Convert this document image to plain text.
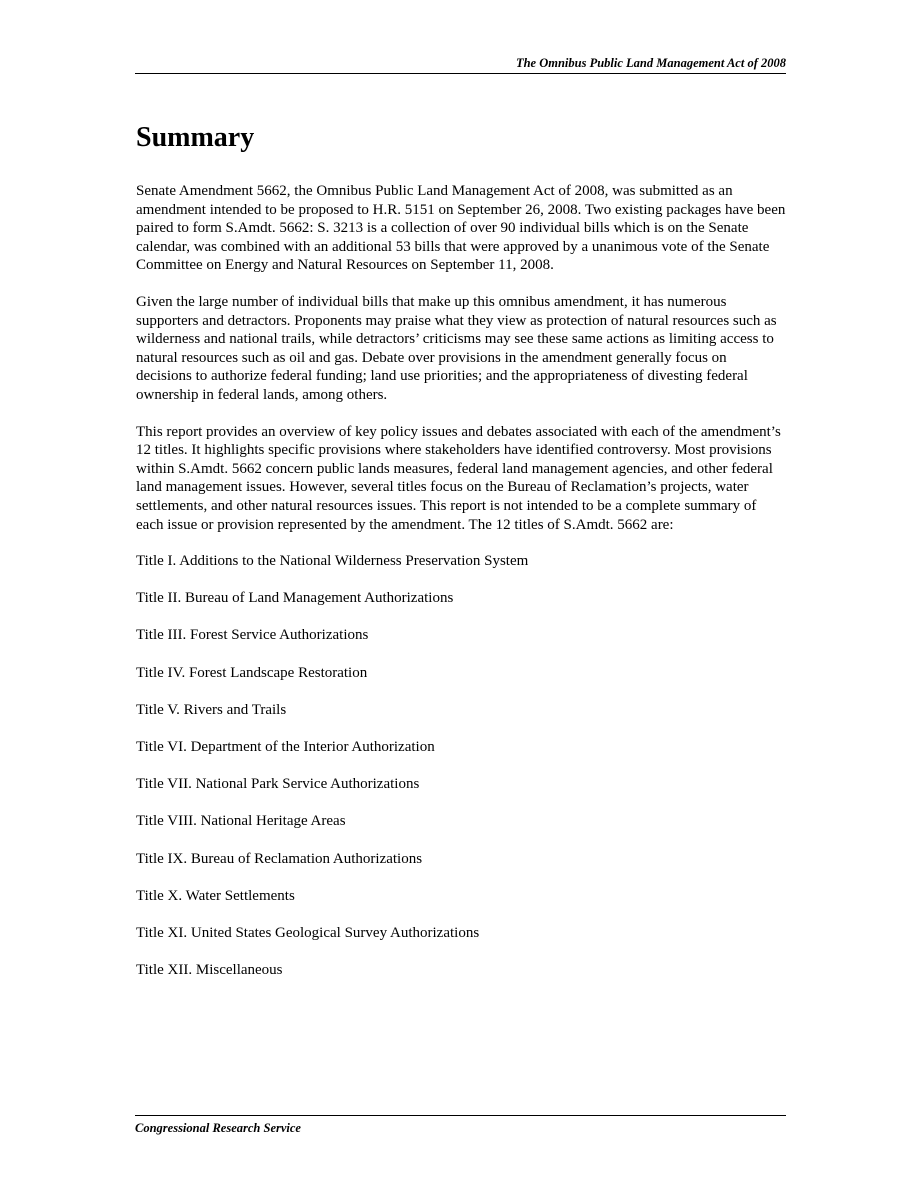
The Omnibus Public Land Management Act of 2008
Summary

Senate Amendment 5662, the Omnibus Public Land Management Act of 2008, was submitted as an amendment intended to be proposed to H.R. 5151 on September 26, 2008. Two existing packages have been paired to form S.Amdt. 5662: S. 3213 is a collection of over 90 individual bills which is on the Senate calendar, was combined with an additional 53 bills that were approved by a unanimous vote of the Senate Committee on Energy and Natural Resources on September 11, 2008.

Given the large number of individual bills that make up this omnibus amendment, it has numerous supporters and detractors. Proponents may praise what they view as protection of natural resources such as wilderness and national trails, while detractors’ criticisms may see these same actions as limiting access to natural resources such as oil and gas. Debate over provisions in the amendment generally focus on decisions to authorize federal funding; land use priorities; and the appropriateness of divesting federal ownership in federal lands, among others.

This report provides an overview of key policy issues and debates associated with each of the amendment’s 12 titles. It highlights specific provisions where stakeholders have identified controversy. Most provisions within S.Amdt. 5662 concern public lands measures, federal land management agencies, and other federal land management issues. However, several titles focus on the Bureau of Reclamation’s projects, water settlements, and other natural resources issues. This report is not intended to be a complete summary of each issue or provision represented by the amendment. The 12 titles of S.Amdt. 5662 are:

Title I. Additions to the National Wilderness Preservation System

Title II. Bureau of Land Management Authorizations

Title III. Forest Service Authorizations

Title IV. Forest Landscape Restoration

Title V. Rivers and Trails

Title VI. Department of the Interior Authorization

Title VII. National Park Service Authorizations

Title VIII. National Heritage Areas

Title IX. Bureau of Reclamation Authorizations

Title X. Water Settlements

Title XI. United States Geological Survey Authorizations

Title XII. Miscellaneous

Congressional Research Service
